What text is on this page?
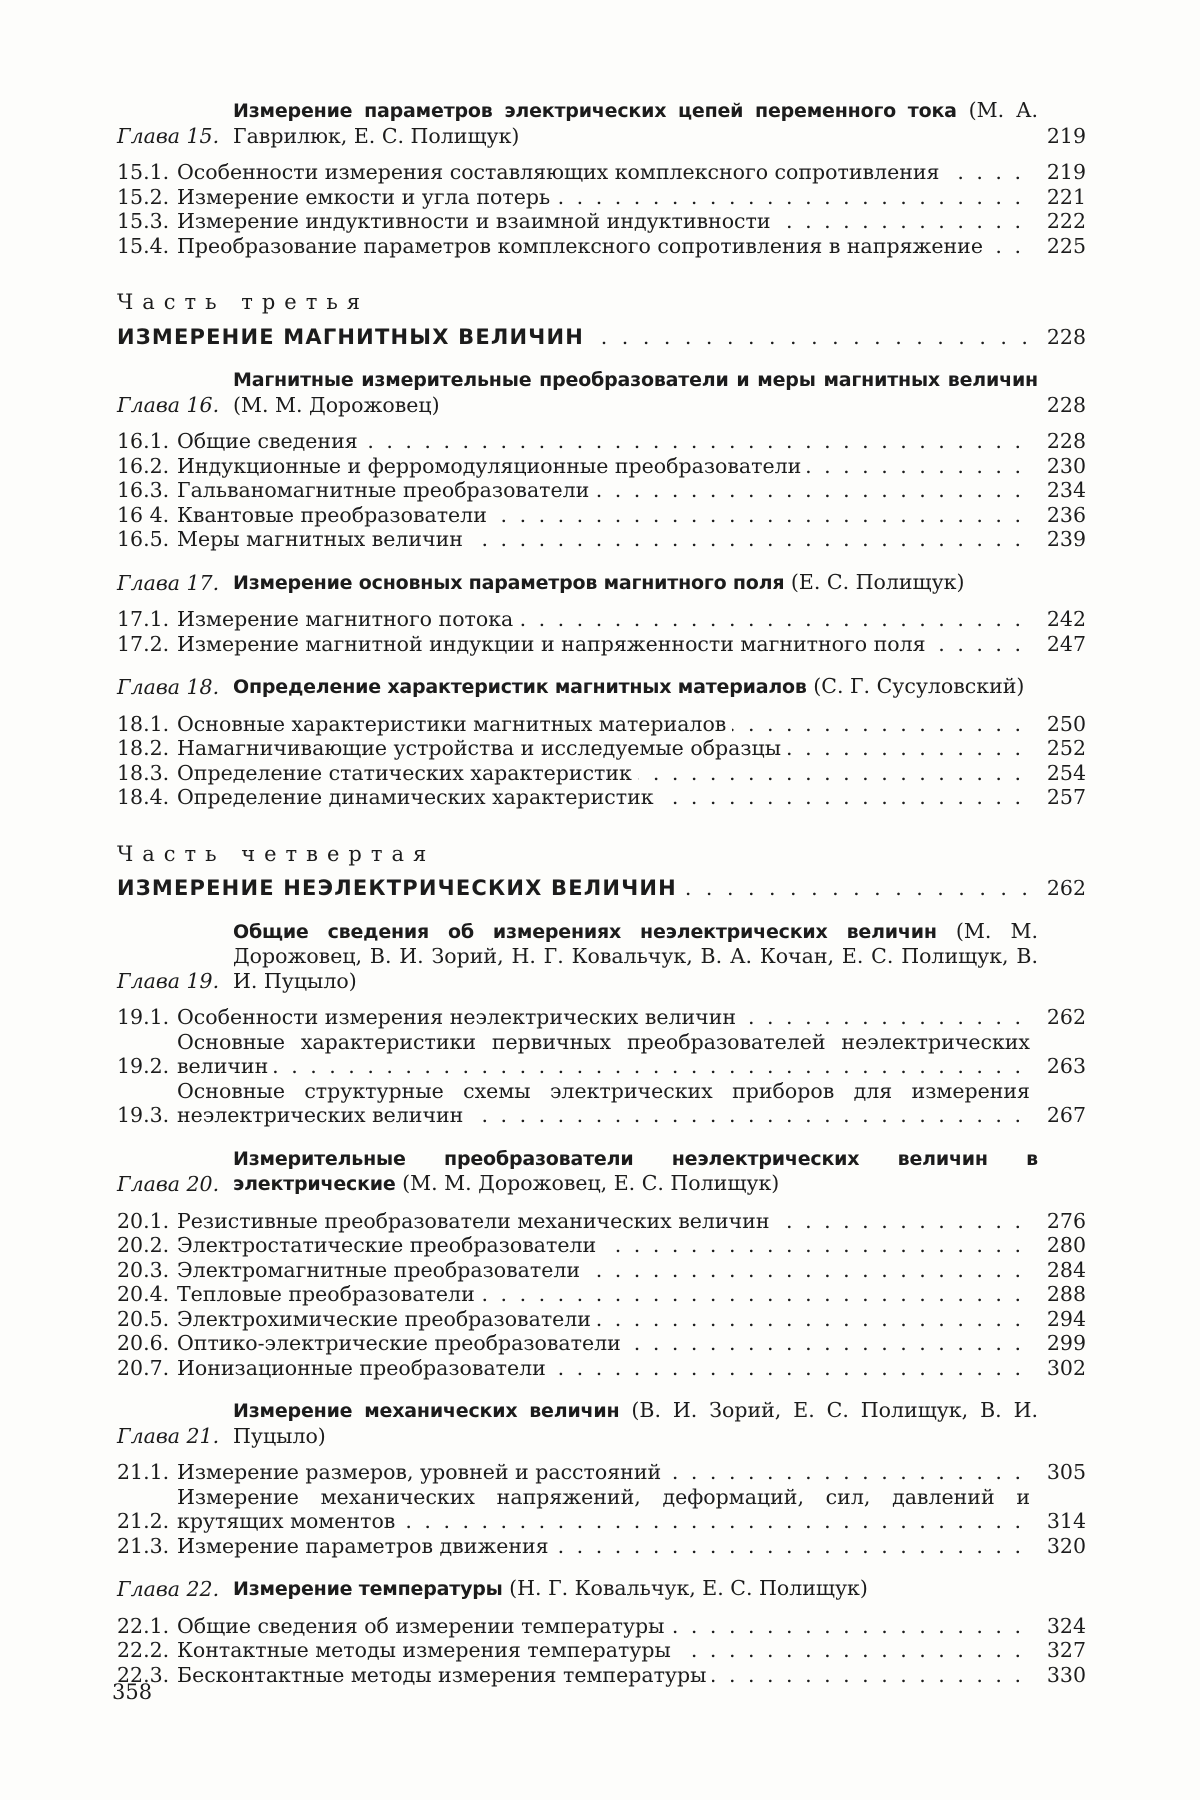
Глава 15.
Измерение параметров электрических цепей переменного тока (М. А. Гаврилюк, Е. С. Полищук)	219
15.1. Особенности измерения составляющих комплексного сопротивления . . .	219
15.2. Измерение емкости и угла потерь . . .	221
15.3. Измерение индуктивности и взаимной индуктивности . . .	222
15.4. Преобразование параметров комплексного сопротивления в напряжение . . .	225
Часть третья
ИЗМЕРЕНИЕ МАГНИТНЫХ ВЕЛИЧИН . . .	228
Глава 16.
Магнитные измерительные преобразователи и меры магнитных величин (М. М. Дорожовец)	228
16.1. Общие сведения . . .	228
16.2. Индукционные и ферромодуляционные преобразователи . . .	230
16.3. Гальваномагнитные преобразователи . . .	234
16 4. Квантовые преобразователи . . .	236
16.5. Меры магнитных величин . . .	239
Глава 17. Измерение основных параметров магнитного поля (Е. С. Полищук)
17.1. Измерение магнитного потока . . .	242
17.2. Измерение магнитной индукции и напряженности магнитного поля . . .	247
Глава 18. Определение характеристик магнитных материалов (С. Г. Сусуловский)
18.1. Основные характеристики магнитных материалов . . .	250
18.2. Намагничивающие устройства и исследуемые образцы . . .	252
18.3. Определение статических характеристик . . .	254
18.4. Определение динамических характеристик . . .	257
Часть четвертая
ИЗМЕРЕНИЕ НЕЭЛЕКТРИЧЕСКИХ ВЕЛИЧИН . . .	262
Глава 19.
Общие сведения об измерениях неэлектрических величин (М. М. Дорожовец, В. И. Зорий, Н. Г. Ковальчук, В. А. Кочан, Е. С. Полищук, В. И. Пуцыло)
19.1. Особенности измерения неэлектрических величин . . .	262
19.2.
Основные характеристики первичных преобразователей неэлектрических величин . . .	263
19.3.
Основные структурные схемы электрических приборов для измерения неэлектрических величин . . .	267
Глава 20.
Измерительные преобразователи неэлектрических величин в электрические (М. М. Дорожовец, Е. С. Полищук)
20.1. Резистивные преобразователи механических величин . . .	276
20.2. Электростатические преобразователи . . .	280
20.3. Электромагнитные преобразователи . . .	284
20.4. Тепловые преобразователи . . .	288
20.5. Электрохимические преобразователи . . .	294
20.6. Оптико-электрические преобразователи . . .	299
20.7. Ионизационные преобразователи . . .	302
Глава 21.
Измерение механических величин (В. И. Зорий, Е. С. Полищук, В. И. Пуцыло)
21.1. Измерение размеров, уровней и расстояний . . .	305
21.2.
Измерение механических напряжений, деформаций, сил, давлений и крутящих моментов . . .	314
21.3. Измерение параметров движения . . .	320
Глава 22. Измерение температуры (Н. Г. Ковальчук, Е. С. Полищук)
22.1. Общие сведения об измерении температуры . . .	324
22.2. Контактные методы измерения температуры . . .	327
22.3. Бесконтактные методы измерения температуры . . .	330
358
